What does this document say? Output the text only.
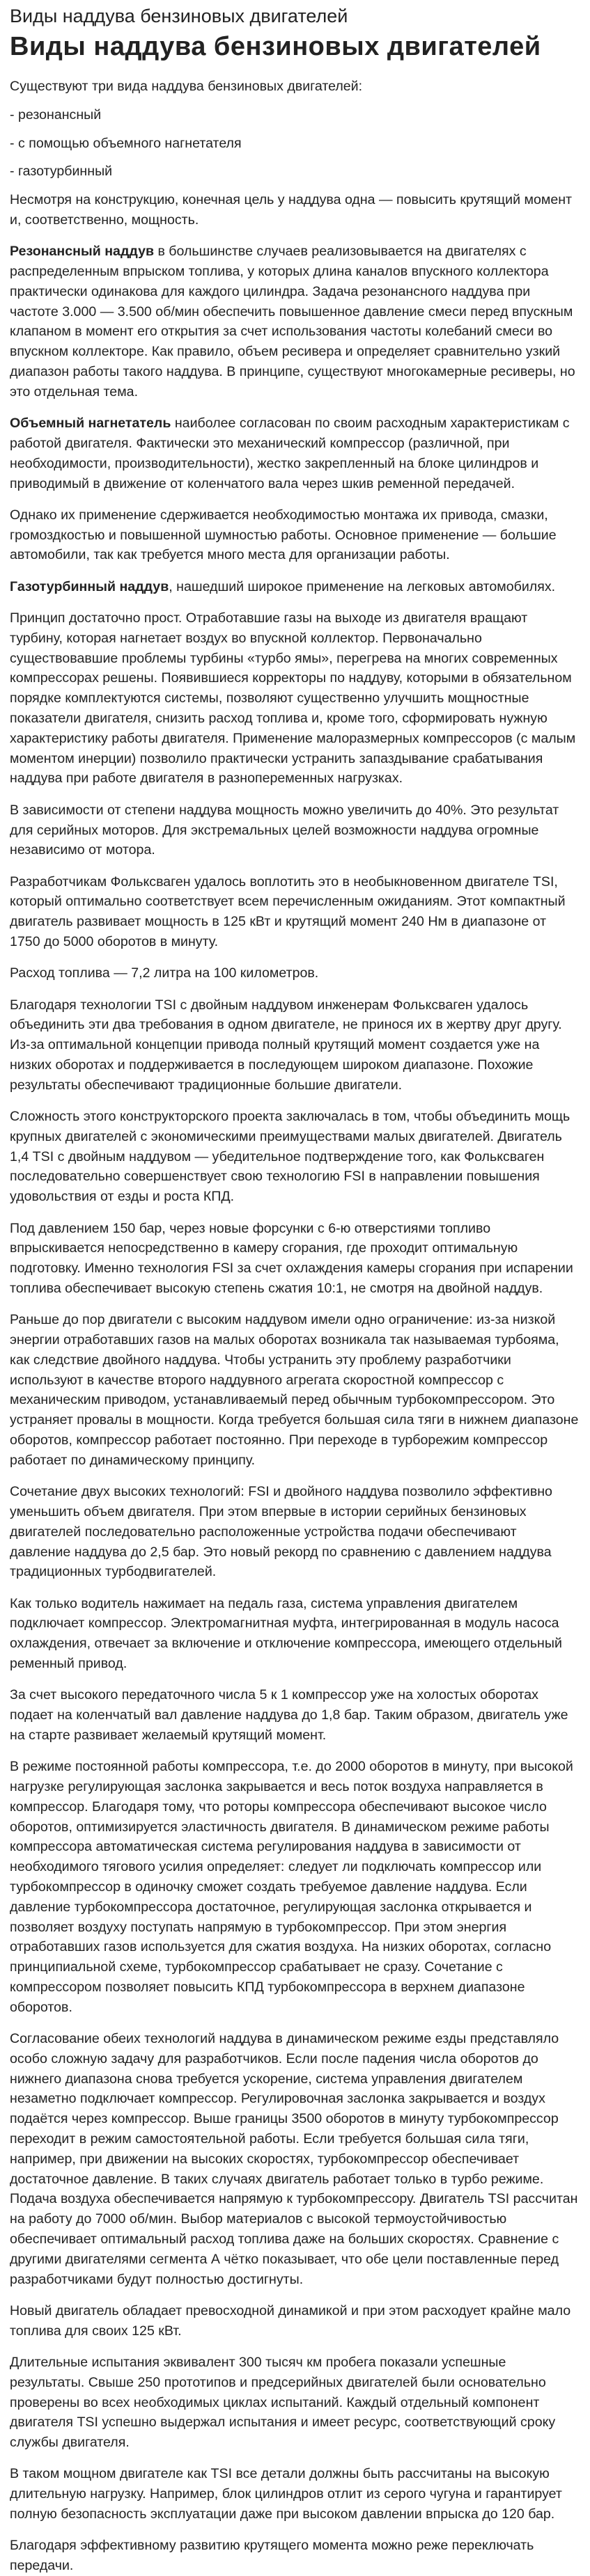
Виды наддува бензиновых двигателей
Виды наддува бензиновых двигателей

Существуют три вида наддува бензиновых двигателей:

- резонансный

- с помощью объемного нагнетателя

- газотурбинный

Несмотря на конструкцию, конечная цель у наддува одна — повысить крутящий момент и, соответственно, мощность.

Резонансный наддув в большинстве случаев реализовывается на двигателях с распределенным впрыском топлива, у которых длина каналов впускного коллектора практически одинакова для каждого цилиндра. Задача резонансного наддува при частоте 3.000 — 3.500 об/мин обеспечить повышенное давление смеси перед впускным клапаном в момент его открытия за счет использования частоты колебаний смеси во впускном коллекторе. Как правило, объем ресивера и определяет сравнительно узкий диапазон работы такого наддува. В принципе, существуют многокамерные ресиверы, но это отдельная тема.

Объемный нагнетатель наиболее согласован по своим расходным характеристикам с работой двигателя. Фактически это механический компрессор (различной, при необходимости, производительности), жестко закрепленный на блоке цилиндров и приводимый в движение от коленчатого вала через шкив ременной передачей.

Однако их применение сдерживается необходимостью монтажа их привода, смазки, громоздкостью и повышенной шумностью работы. Основное применение — большие автомобили, так как требуется много места для организации работы.

Газотурбинный наддув, нашедший широкое применение на легковых автомобилях.

Принцип достаточно прост. Отработавшие газы на выходе из двигателя вращают турбину, которая нагнетает воздух во впускной коллектор. Первоначально существовавшие проблемы турбины «турбо ямы», перегрева на многих современных компрессорах решены. Появившиеся корректоры по наддуву, которыми в обязательном порядке комплектуются системы, позволяют существенно улучшить мощностные показатели двигателя, снизить расход топлива и, кроме того, сформировать нужную характеристику работы двигателя. Применение малоразмерных компрессоров (с малым моментом инерции) позволило практически устранить запаздывание срабатывания наддува при работе двигателя в разнопеременных нагрузках.

В зависимости от степени наддува мощность можно увеличить до 40%. Это результат для серийных моторов. Для экстремальных целей возможности наддува огромные независимо от мотора.

Разработчикам Фольксваген удалось воплотить это в необыкновенном двигателе TSI, который оптимально соответствует всем перечисленным ожиданиям. Этот компактный двигатель развивает мощность в 125 кВт и крутящий момент 240 Нм в диапазоне от 1750 до 5000 оборотов в минуту.

Расход топлива — 7,2 литра на 100 километров.

Благодаря технологии TSI с двойным наддувом инженерам Фольксваген удалось объединить эти два требования в одном двигателе, не принося их в жертву друг другу. Из-за оптимальной концепции привода полный крутящий момент создается уже на низких оборотах и поддерживается в последующем широком диапазоне. Похожие результаты обеспечивают традиционные большие двигатели.

Сложность этого конструкторского проекта заключалась в том, чтобы объединить мощь крупных двигателей с экономическими преимуществами малых двигателей. Двигатель 1,4 TSI с двойным наддувом — убедительное подтверждение того, как Фольксваген последовательно совершенствует свою технологию FSI в направлении повышения удовольствия от езды и роста КПД.

Под давлением 150 бар, через новые форсунки с 6-ю отверстиями топливо впрыскивается непосредственно в камеру сгорания, где проходит оптимальную подготовку. Именно технология FSI за счет охлаждения камеры сгорания при испарении топлива обеспечивает высокую степень сжатия 10:1, не смотря на двойной наддув.

Раньше до пор двигатели с высоким наддувом имели одно ограничение: из-за низкой энергии отработавших газов на малых оборотах возникала так называемая турбояма, как следствие двойного наддува. Чтобы устранить эту проблему разработчики используют в качестве второго наддувного агрегата скоростной компрессор с механическим приводом, устанавливаемый перед обычным турбокомпрессором. Это устраняет провалы в мощности. Когда требуется большая сила тяги в нижнем диапазоне оборотов, компрессор работает постоянно. При переходе в турборежим компрессор работает по динамическому принципу.

Сочетание двух высоких технологий: FSI и двойного наддува позволило эффективно уменьшить объем двигателя. При этом впервые в истории серийных бензиновых двигателей последовательно расположенные устройства подачи обеспечивают давление наддува до 2,5 бар. Это новый рекорд по сравнению с давлением наддува традиционных турбодвигателей.

Как только водитель нажимает на педаль газа, система управления двигателем подключает компрессор. Электромагнитная муфта, интегрированная в модуль насоса охлаждения, отвечает за включение и отключение компрессора, имеющего отдельный ременный привод.

За счет высокого передаточного числа 5 к 1 компрессор уже на холостых оборотах подает на коленчатый вал давление наддува до 1,8 бар. Таким образом, двигатель уже на старте развивает желаемый крутящий момент.

В режиме постоянной работы компрессора, т.е. до 2000 оборотов в минуту, при высокой нагрузке регулирующая заслонка закрывается и весь поток воздуха направляется в компрессор. Благодаря тому, что роторы компрессора обеспечивают высокое число оборотов, оптимизируется эластичность двигателя. В динамическом режиме работы компрессора автоматическая система регулирования наддува в зависимости от необходимого тягового усилия определяет: следует ли подключать компрессор или турбокомпрессор в одиночку сможет создать требуемое давление наддува. Если давление турбокомпрессора достаточное, регулирующая заслонка открывается и позволяет воздуху поступать напрямую в турбокомпрессор. При этом энергия отработавших газов используется для сжатия воздуха. На низких оборотах, согласно принципиальной схеме, турбокомпрессор срабатывает не сразу. Сочетание с компрессором позволяет повысить КПД турбокомпрессора в верхнем диапазоне оборотов.

Согласование обеих технологий наддува в динамическом режиме езды представляло особо сложную задачу для разработчиков. Если после падения числа оборотов до нижнего диапазона снова требуется ускорение, система управления двигателем незаметно подключает компрессор. Регулировочная заслонка закрывается и воздух подаётся через компрессор. Выше границы 3500 оборотов в минуту турбокомпрессор переходит в режим самостоятельной работы. Если требуется большая сила тяги, например, при движении на высоких скоростях, турбокомпрессор обеспечивает достаточное давление. В таких случаях двигатель работает только в турбо режиме. Подача воздуха обеспечивается напрямую к турбокомпрессору. Двигатель TSI рассчитан на работу до 7000 об/мин. Выбор материалов с высокой термоустойчивостью обеспечивает оптимальный расход топлива даже на больших скоростях. Сравнение с другими двигателями сегмента А чётко показывает, что обе цели поставленные перед разработчиками будут полностью достигнуты.

Новый двигатель обладает превосходной динамикой и при этом расходует крайне мало топлива для своих 125 кВт.

Длительные испытания эквивалент 300 тысяч км пробега показали успешные результаты. Свыше 250 прототипов и предсерийных двигателей были основательно проверены во всех необходимых циклах испытаний. Каждый отдельный компонент двигателя TSI успешно выдержал испытания и имеет ресурс, соответствующий сроку службы двигателя.

В таком мощном двигателе как TSI все детали должны быть рассчитаны на высокую длительную нагрузку. Например, блок цилиндров отлит из серого чугуна и гарантирует полную безопасность эксплуатации даже при высоком давлении впрыска до 120 бар.

Благодаря эффективному развитию крутящего момента можно реже переключать передачи.
